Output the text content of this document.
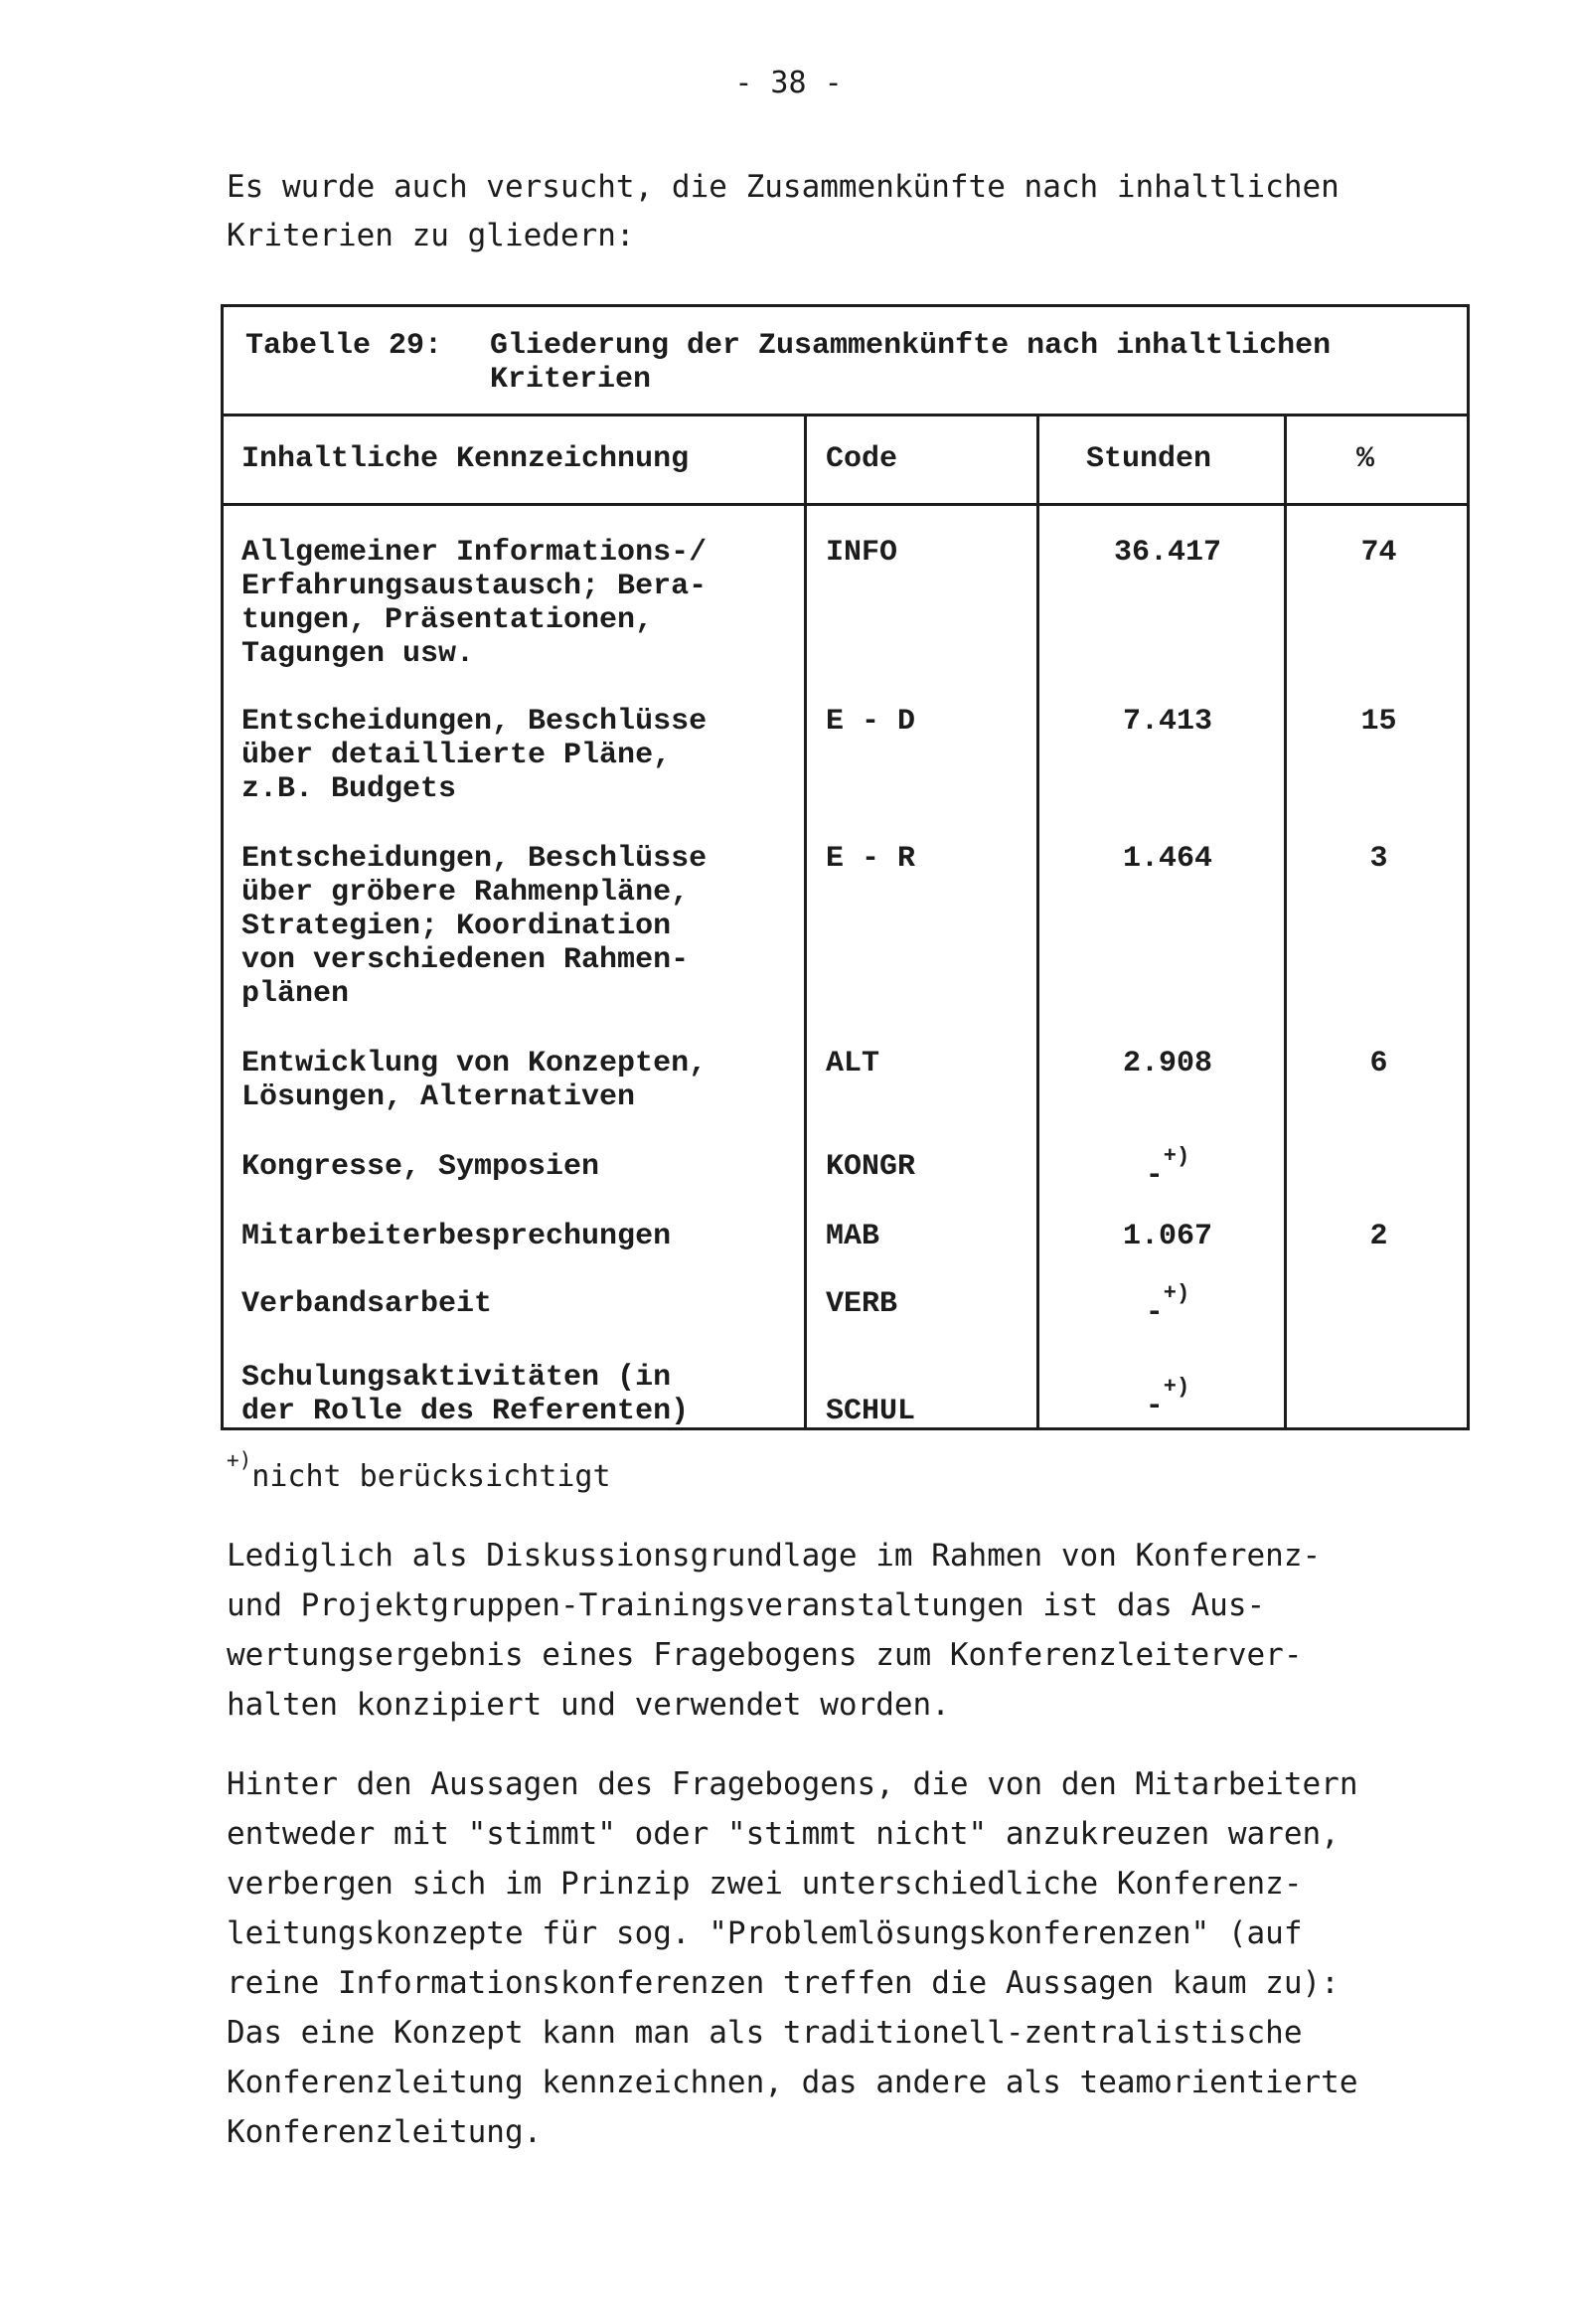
- 38 -

Es wurde auch versucht, die Zusammenkünfte nach inhaltlichen
Kriterien zu gliedern:

Tabelle 29: Gliederung der Zusammenkünfte nach inhaltlichen Kriterien
Inhaltliche Kennzeichnung	Code	Stunden	%
Allgemeiner Informations-/
Erfahrungsaustausch; Bera-
tungen, Präsentationen,
Tagungen usw.
INFO	36.417	74
Entscheidungen, Beschlüsse
über detaillierte Pläne,
z.B. Budgets
E - D	7.413	15
Entscheidungen, Beschlüsse
über gröbere Rahmenpläne,
Strategien; Koordination
von verschiedenen Rahmen-
plänen
E - R	1.464	3
Entwicklung von Konzepten,
Lösungen, Alternativen
ALT	2.908	6
Kongresse, Symposien	KONGR	-+)
Mitarbeiterbesprechungen	MAB	1.067	2
Verbandsarbeit	VERB	-+)
Schulungsaktivitäten (in
der Rolle des Referenten)	SCHUL	-+)
+)nicht berücksichtigt

Lediglich als Diskussionsgrundlage im Rahmen von Konferenz-
und Projektgruppen-Trainingsveranstaltungen ist das Aus-
wertungsergebnis eines Fragebogens zum Konferenzleiterver-
halten konzipiert und verwendet worden.

Hinter den Aussagen des Fragebogens, die von den Mitarbeitern
entweder mit "stimmt" oder "stimmt nicht" anzukreuzen waren,
verbergen sich im Prinzip zwei unterschiedliche Konferenz-
leitungskonzepte für sog. "Problemlösungskonferenzen" (auf
reine Informationskonferenzen treffen die Aussagen kaum zu):
Das eine Konzept kann man als traditionell-zentralistische
Konferenzleitung kennzeichnen, das andere als teamorientierte
Konferenzleitung.
